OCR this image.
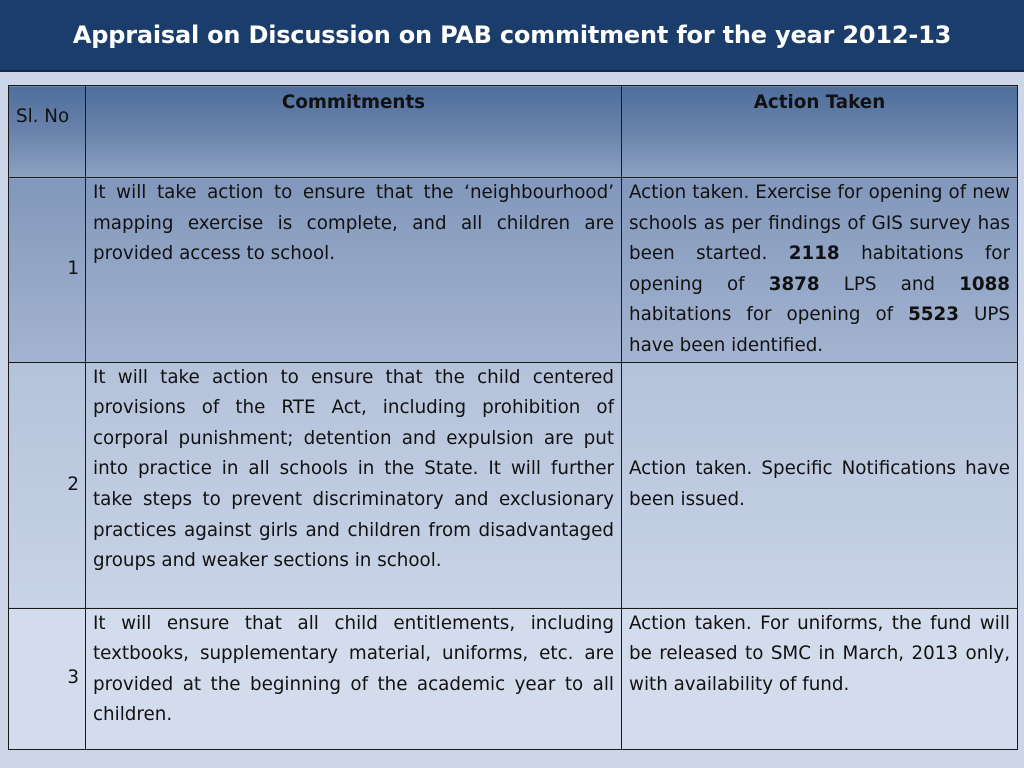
Appraisal on Discussion on PAB commitment for the year 2012-13
Sl. No	Commitments	Action Taken
1	It will take action to ensure that the ‘neighbourhood’ mapping exercise is complete, and all children are provided access to school.	Action taken. Exercise for opening of new schools as per findings of GIS survey has been started. 2118 habitations for opening of 3878 LPS and 1088 habitations for opening of 5523 UPS have been identified.
2	It will take action to ensure that the child centered provisions of the RTE Act, including prohibition of corporal punishment; detention and expulsion are put into practice in all schools in the State. It will further take steps to prevent discriminatory and exclusionary practices against girls and children from disadvantaged groups and weaker sections in school.	Action taken. Specific Notifications have been issued.
3	It will ensure that all child entitlements, including textbooks, supplementary material, uniforms, etc. are provided at the beginning of the academic year to all children.	Action taken. For uniforms, the fund will be released to SMC in March, 2013 only, with availability of fund.
